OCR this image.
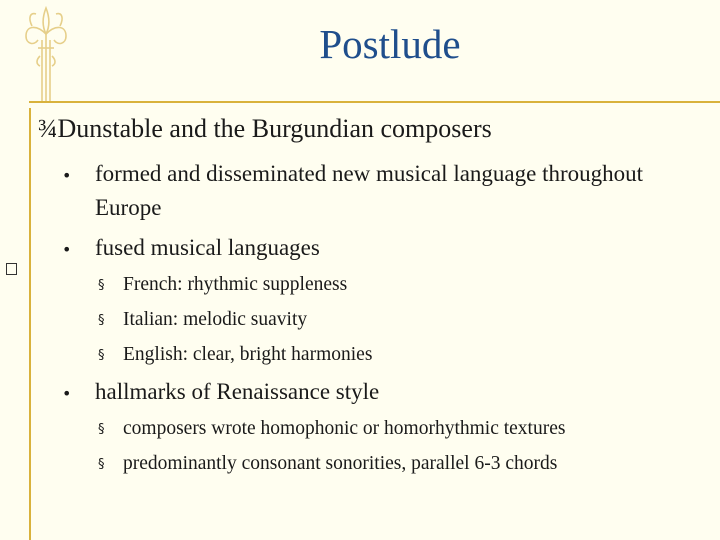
Postlude
¾Dunstable and the Burgundian composers
• formed and disseminated new musical language throughout Europe
• fused musical languages
§ French: rhythmic suppleness
§ Italian: melodic suavity
§ English: clear, bright harmonies
• hallmarks of Renaissance style
§ composers wrote homophonic or homorhythmic textures
§ predominantly consonant sonorities, parallel 6-3 chords
